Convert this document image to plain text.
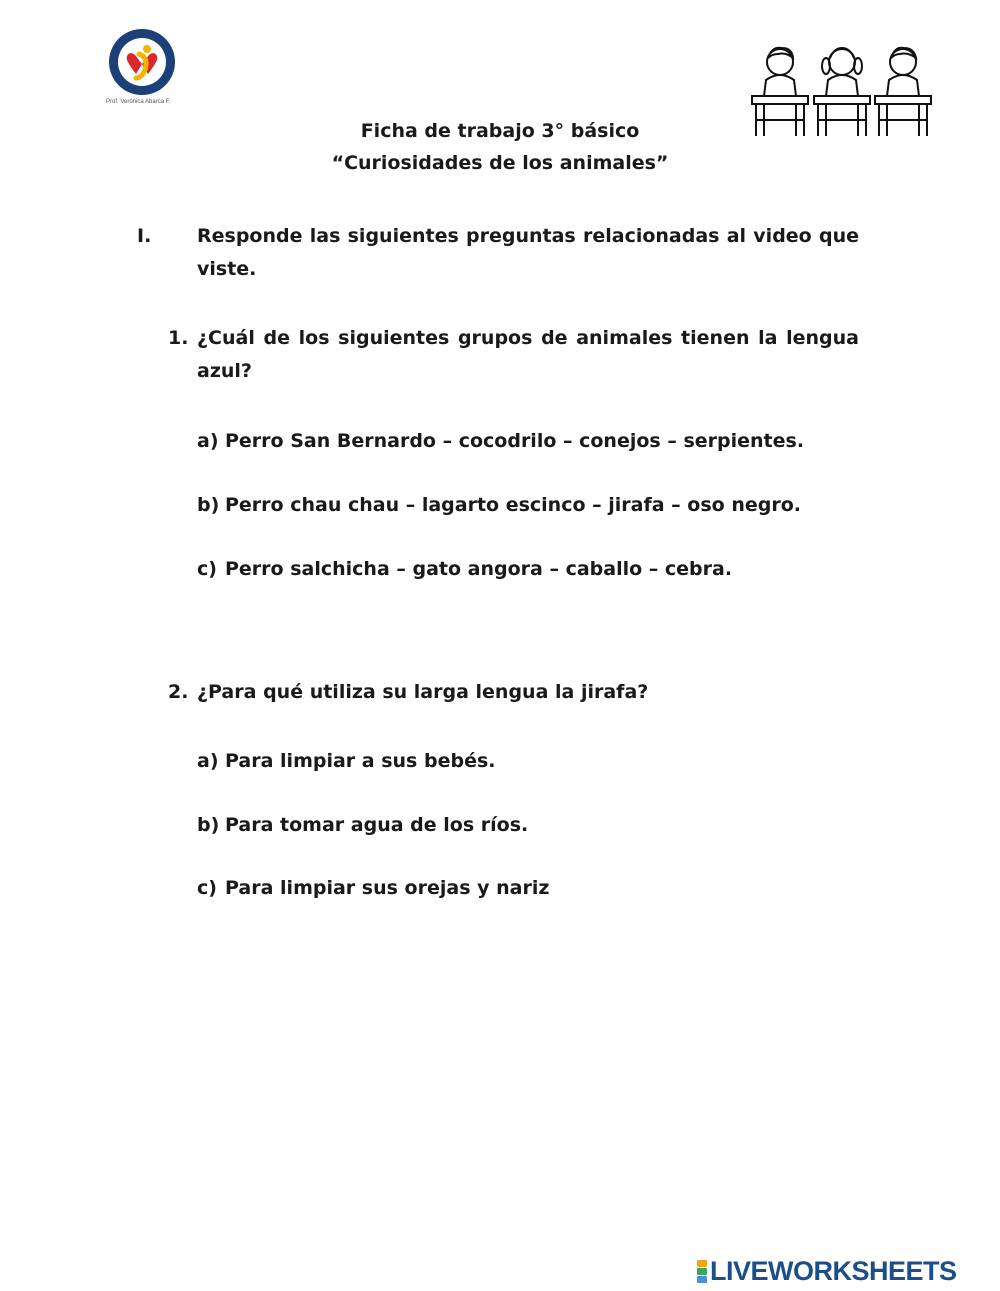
Prof. Verónica Abarca F.
Ficha de trabajo 3° básico
“Curiosidades de los animales”
I. Responde las siguientes preguntas relacionadas al video que viste.
1. ¿Cuál de los siguientes grupos de animales tienen la lengua azul?
a) Perro San Bernardo – cocodrilo – conejos – serpientes.
b) Perro chau chau – lagarto escinco – jirafa – oso negro.
c) Perro salchicha – gato angora – caballo – cebra.
2. ¿Para qué utiliza su larga lengua la jirafa?
a) Para limpiar a sus bebés.
b) Para tomar agua de los ríos.
c) Para limpiar sus orejas y nariz
LIVEWORKSHEETS
